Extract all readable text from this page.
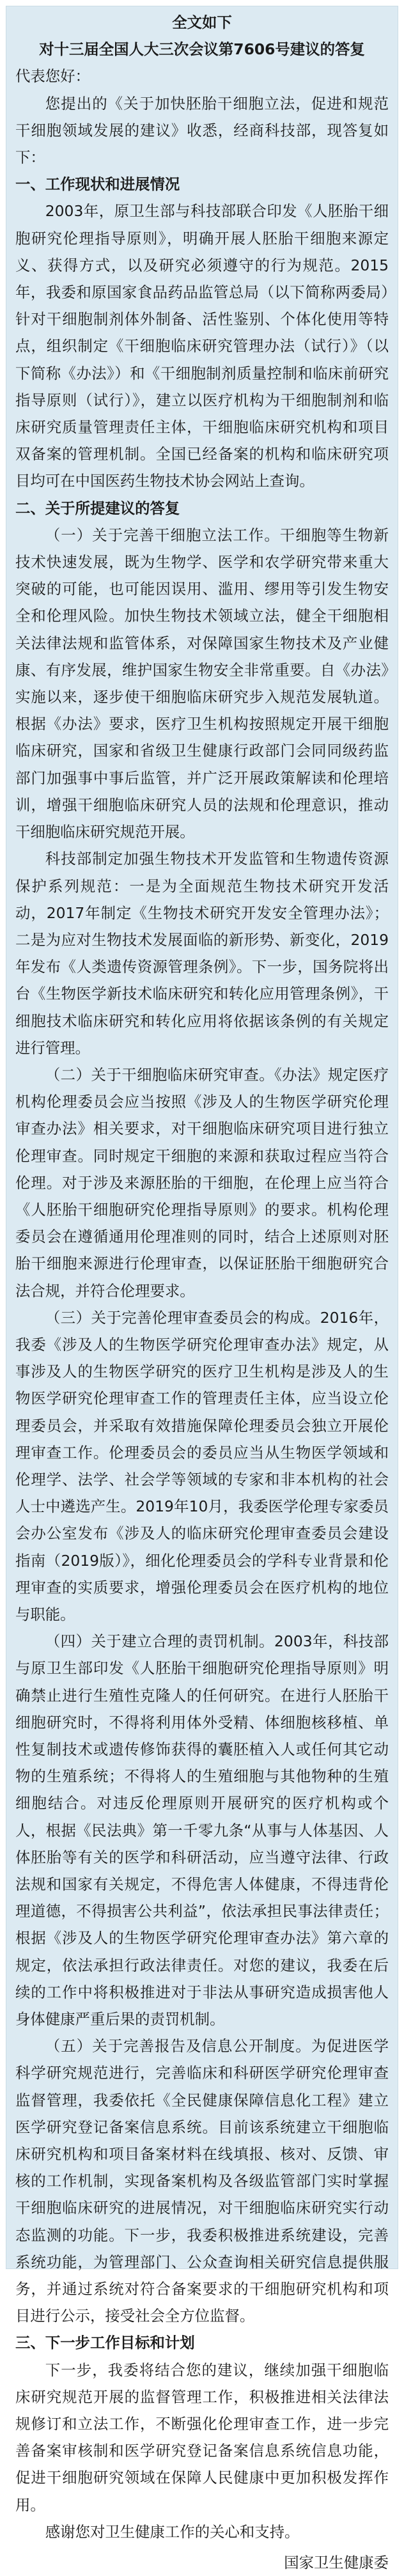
全文如下

对十三届全国人大三次会议第7606号建议的答复

代表您好：

您提出的《关于加快胚胎干细胞立法，促进和规范干细胞领域发展的建议》收悉，经商科技部，现答复如下：

一、工作现状和进展情况

2003年，原卫生部与科技部联合印发《人胚胎干细胞研究伦理指导原则》，明确开展人胚胎干细胞来源定义、获得方式，以及研究必须遵守的行为规范。2015年，我委和原国家食品药品监管总局（以下简称两委局）针对干细胞制剂体外制备、活性鉴别、个体化使用等特点，组织制定《干细胞临床研究管理办法（试行）》（以下简称《办法》）和《干细胞制剂质量控制和临床前研究指导原则（试行）》，建立以医疗机构为干细胞制剂和临床研究质量管理责任主体，干细胞临床研究机构和项目双备案的管理机制。全国已经备案的机构和临床研究项目均可在中国医药生物技术协会网站上查询。

二、关于所提建议的答复

（一）关于完善干细胞立法工作。干细胞等生物新技术快速发展，既为生物学、医学和农学研究带来重大突破的可能，也可能因误用、滥用、缪用等引发生物安全和伦理风险。加快生物技术领域立法，健全干细胞相关法律法规和监管体系，对保障国家生物技术及产业健康、有序发展，维护国家生物安全非常重要。自《办法》实施以来，逐步使干细胞临床研究步入规范发展轨道。根据《办法》要求，医疗卫生机构按照规定开展干细胞临床研究，国家和省级卫生健康行政部门会同同级药监部门加强事中事后监管，并广泛开展政策解读和伦理培训，增强干细胞临床研究人员的法规和伦理意识，推动干细胞临床研究规范开展。

科技部制定加强生物技术开发监管和生物遗传资源保护系列规范：一是为全面规范生物技术研究开发活动，2017年制定《生物技术研究开发安全管理办法》；二是为应对生物技术发展面临的新形势、新变化，2019年发布《人类遗传资源管理条例》。下一步，国务院将出台《生物医学新技术临床研究和转化应用管理条例》，干细胞技术临床研究和转化应用将依据该条例的有关规定进行管理。

（二）关于干细胞临床研究审查。《办法》规定医疗机构伦理委员会应当按照《涉及人的生物医学研究伦理审查办法》相关要求，对干细胞临床研究项目进行独立伦理审查。同时规定干细胞的来源和获取过程应当符合伦理。对于涉及来源胚胎的干细胞，在伦理上应当符合《人胚胎干细胞研究伦理指导原则》的要求。机构伦理委员会在遵循通用伦理准则的同时，结合上述原则对胚胎干细胞来源进行伦理审查，以保证胚胎干细胞研究合法合规，并符合伦理要求。

（三）关于完善伦理审查委员会的构成。2016年，我委《涉及人的生物医学研究伦理审查办法》规定，从事涉及人的生物医学研究的医疗卫生机构是涉及人的生物医学研究伦理审查工作的管理责任主体，应当设立伦理委员会，并采取有效措施保障伦理委员会独立开展伦理审查工作。伦理委员会的委员应当从生物医学领域和伦理学、法学、社会学等领域的专家和非本机构的社会人士中遴选产生。2019年10月，我委医学伦理专家委员会办公室发布《涉及人的临床研究伦理审查委员会建设指南（2019版）》，细化伦理委员会的学科专业背景和伦理审查的实质要求，增强伦理委员会在医疗机构的地位与职能。

（四）关于建立合理的责罚机制。2003年，科技部与原卫生部印发《人胚胎干细胞研究伦理指导原则》明确禁止进行生殖性克隆人的任何研究。在进行人胚胎干细胞研究时，不得将利用体外受精、体细胞核移植、单性复制技术或遗传修饰获得的囊胚植入人或任何其它动物的生殖系统；不得将人的生殖细胞与其他物种的生殖细胞结合。对违反伦理原则开展研究的医疗机构或个人，根据《民法典》第一千零九条“从事与人体基因、人体胚胎等有关的医学和科研活动，应当遵守法律、行政法规和国家有关规定，不得危害人体健康，不得违背伦理道德，不得损害公共利益”，依法承担民事法律责任；根据《涉及人的生物医学研究伦理审查办法》第六章的规定，依法承担行政法律责任。对您的建议，我委在后续的工作中将积极推进对于非法从事研究造成损害他人身体健康严重后果的责罚机制。

（五）关于完善报告及信息公开制度。为促进医学科学研究规范进行，完善临床和科研医学研究伦理审查监督管理，我委依托《全民健康保障信息化工程》建立医学研究登记备案信息系统。目前该系统建立干细胞临床研究机构和项目备案材料在线填报、核对、反馈、审核的工作机制，实现备案机构及各级监管部门实时掌握干细胞临床研究的进展情况，对干细胞临床研究实行动态监测的功能。下一步，我委积极推进系统建设，完善系统功能，为管理部门、公众查询相关研究信息提供服务，并通过系统对符合备案要求的干细胞研究机构和项目进行公示，接受社会全方位监督。

三、下一步工作目标和计划

下一步，我委将结合您的建议，继续加强干细胞临床研究规范开展的监督管理工作，积极推进相关法律法规修订和立法工作，不断强化伦理审查工作，进一步完善备案审核制和医学研究登记备案信息系统信息功能，促进干细胞研究领域在保障人民健康中更加积极发挥作用。

感谢您对卫生健康工作的关心和支持。

国家卫生健康委
